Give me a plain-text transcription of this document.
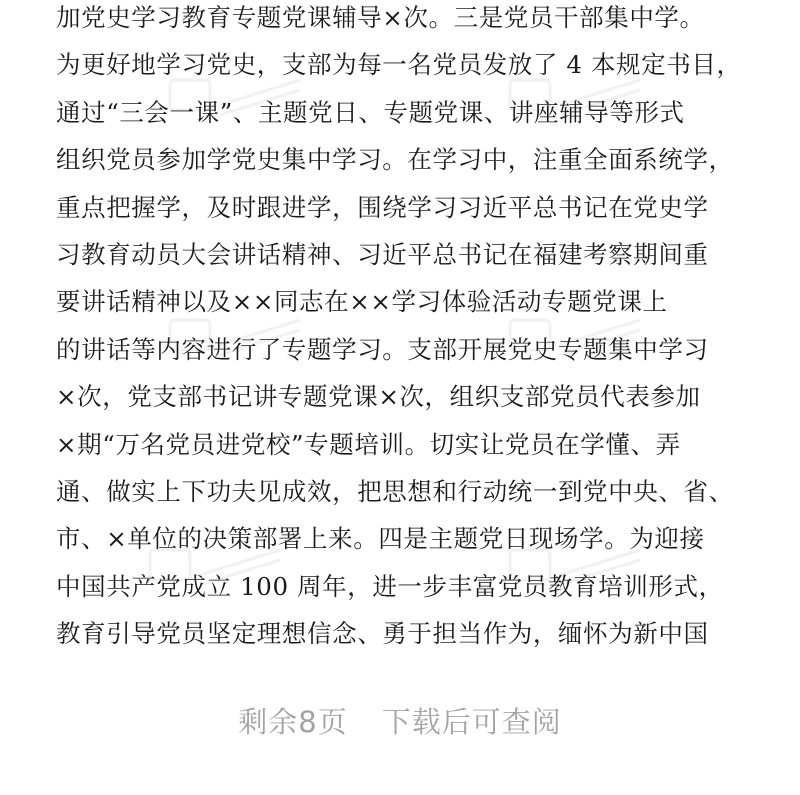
加党史学习教育专题党课辅导×次。三是党员干部集中学。
为更好地学习党史，支部为每一名党员发放了 4 本规定书目，
通过“三会一课”、主题党日、专题党课、讲座辅导等形式
组织党员参加学党史集中学习。在学习中，注重全面系统学，
重点把握学，及时跟进学，围绕学习习近平总书记在党史学
习教育动员大会讲话精神、习近平总书记在福建考察期间重
要讲话精神以及××同志在××学习体验活动专题党课上
的讲话等内容进行了专题学习。支部开展党史专题集中学习
×次，党支部书记讲专题党课×次，组织支部党员代表参加
×期“万名党员进党校”专题培训。切实让党员在学懂、弄
通、做实上下功夫见成效，把思想和行动统一到党中央、省、
市、×单位的决策部署上来。四是主题党日现场学。为迎接
中国共产党成立 100 周年，进一步丰富党员教育培训形式，
教育引导党员坚定理想信念、勇于担当作为，缅怀为新中国
剩余8页 下载后可查阅
